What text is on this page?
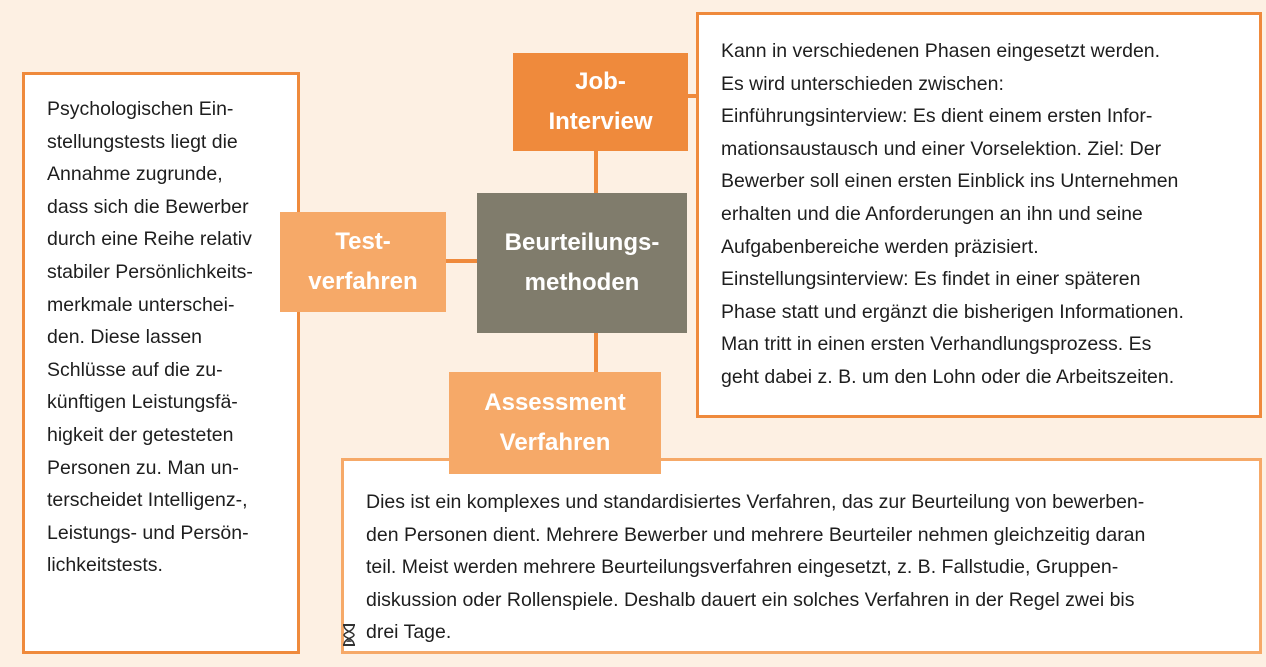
Psychologischen Ein-

stellungstests liegt die

Annahme zugrunde,

dass sich die Bewerber

durch eine Reihe relativ

stabiler Persönlichkeits-

merkmale unterschei-

den. Diese lassen

Schlüsse auf die zu-

künftigen Leistungsfä-

higkeit der getesteten

Personen zu. Man un-

terscheidet Intelligenz-,

Leistungs- und Persön-

lichkeitstests.

Kann in verschiedenen Phasen eingesetzt werden.

Es wird unterschieden zwischen:

Einführungsinterview: Es dient einem ersten Infor-

mationsaustausch und einer Vorselektion. Ziel: Der

Bewerber soll einen ersten Einblick ins Unternehmen

erhalten und die Anforderungen an ihn und seine

Aufgabenbereiche werden präzisiert.

Einstellungsinterview: Es findet in einer späteren

Phase statt und ergänzt die bisherigen Informationen.

Man tritt in einen ersten Verhandlungsprozess. Es

geht dabei z. B. um den Lohn oder die Arbeitszeiten.

Dies ist ein komplexes und standardisiertes Verfahren, das zur Beurteilung von bewerben-

den Personen dient. Mehrere Bewerber und mehrere Beurteiler nehmen gleichzeitig daran

teil. Meist werden mehrere Beurteilungsverfahren eingesetzt, z. B. Fallstudie, Gruppen-

diskussion oder Rollenspiele. Deshalb dauert ein solches Verfahren in der Regel zwei bis

drei Tage.

Beurteilungs-
methoden
Job-
Interview
Test-
verfahren
Assessment
Verfahren
